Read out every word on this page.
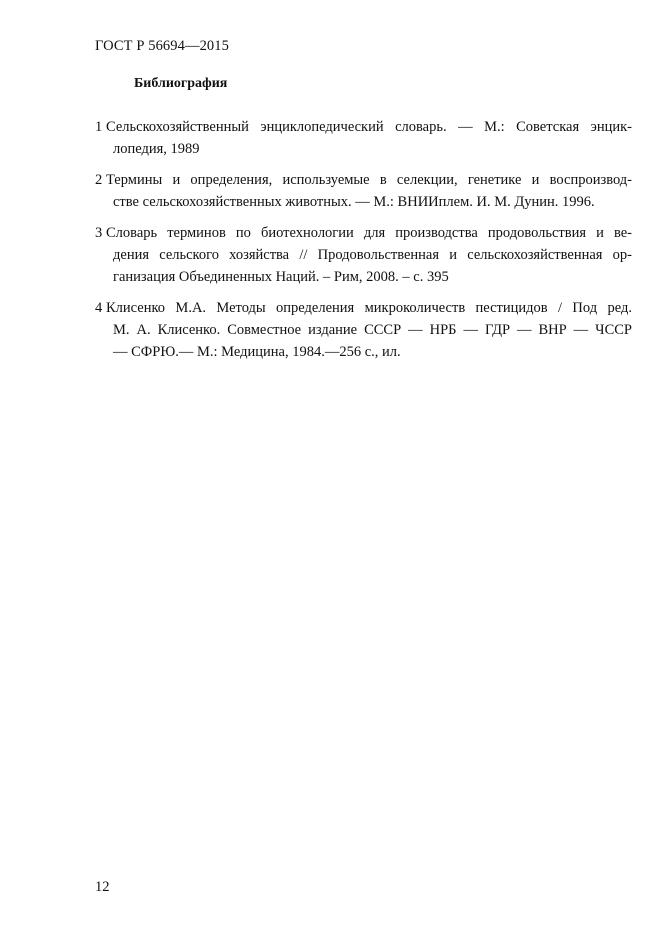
ГОСТ Р 56694—2015
Библиография
1 Сельскохозяйственный энциклопедический словарь. — М.: Советская энцик-
лопедия, 1989
2 Термины и определения, используемые в селекции, генетике и воспроизвод-
стве сельскохозяйственных животных. — М.: ВНИИплем. И. М. Дунин. 1996.
3 Словарь терминов по биотехнологии для производства продовольствия и ве-
дения сельского хозяйства // Продовольственная и сельскохозяйственная ор-
ганизация Объединенных Наций. – Рим, 2008. – с. 395
4 Клисенко М.А. Методы определения микроколичеств пестицидов / Под ред.
М. А. Клисенко. Совместное издание СССР — НРБ — ГДР — ВНР — ЧССР
— СФРЮ.— М.: Медицина, 1984.—256 с., ил.
12
